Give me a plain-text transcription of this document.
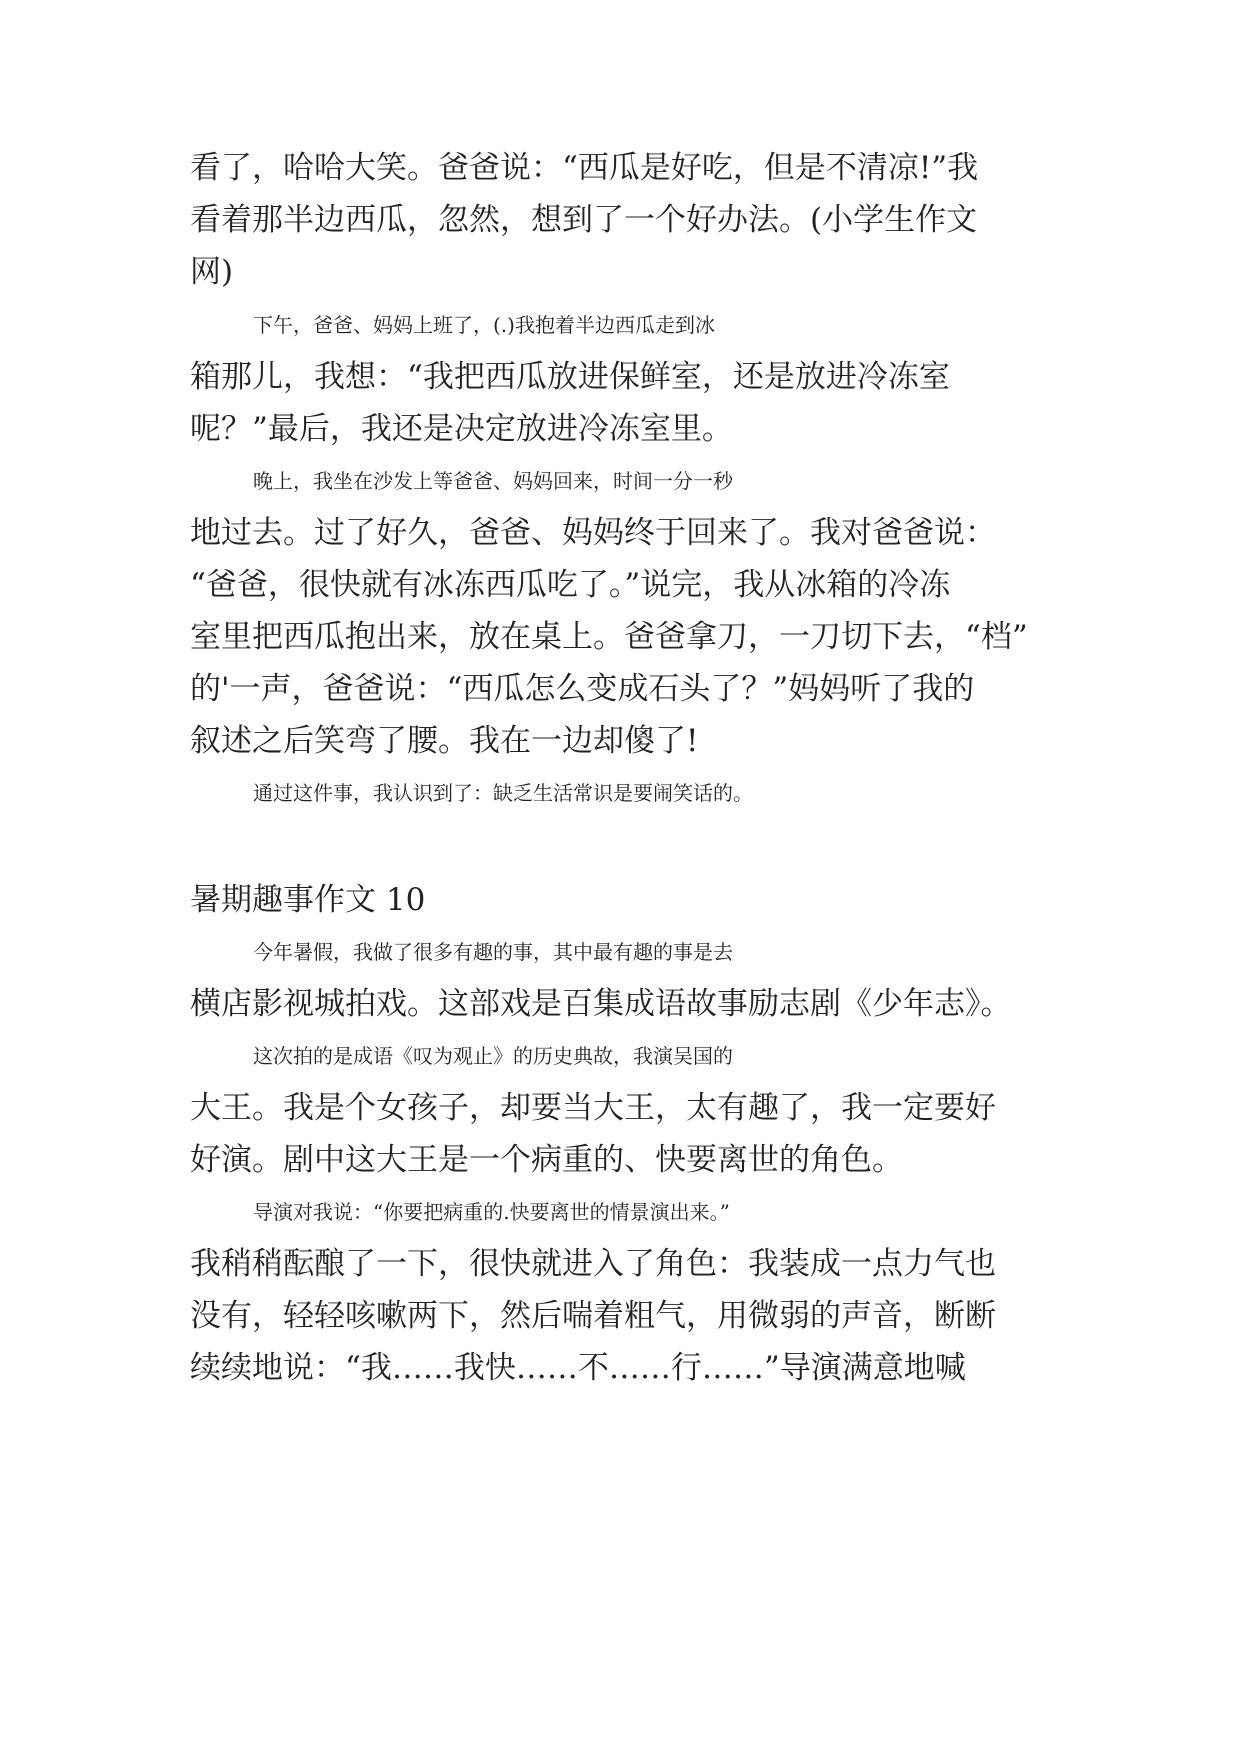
看了，哈哈大笑。爸爸说：“西瓜是好吃，但是不清凉!”我
看着那半边西瓜，忽然，想到了一个好办法。(小学生作文
网)
下午，爸爸、妈妈上班了，(.)我抱着半边西瓜走到冰
箱那儿，我想：“我把西瓜放进保鲜室，还是放进冷冻室
呢？”最后，我还是决定放进冷冻室里。
晚上，我坐在沙发上等爸爸、妈妈回来，时间一分一秒
地过去。过了好久，爸爸、妈妈终于回来了。我对爸爸说：
“爸爸，很快就有冰冻西瓜吃了。”说完，我从冰箱的冷冻
室里把西瓜抱出来，放在桌上。爸爸拿刀，一刀切下去，“档”
的'一声，爸爸说：“西瓜怎么变成石头了？”妈妈听了我的
叙述之后笑弯了腰。我在一边却傻了!
通过这件事，我认识到了：缺乏生活常识是要闹笑话的。
暑期趣事作文 10
今年暑假，我做了很多有趣的事，其中最有趣的事是去
横店影视城拍戏。这部戏是百集成语故事励志剧《少年志》。
这次拍的是成语《叹为观止》的历史典故，我演吴国的
大王。我是个女孩子，却要当大王，太有趣了，我一定要好
好演。剧中这大王是一个病重的、快要离世的角色。
导演对我说：“你要把病重的.快要离世的情景演出来。”
我稍稍酝酿了一下，很快就进入了角色：我装成一点力气也
没有，轻轻咳嗽两下，然后喘着粗气，用微弱的声音，断断
续续地说：“我……我快……不……行……”导演满意地喊
